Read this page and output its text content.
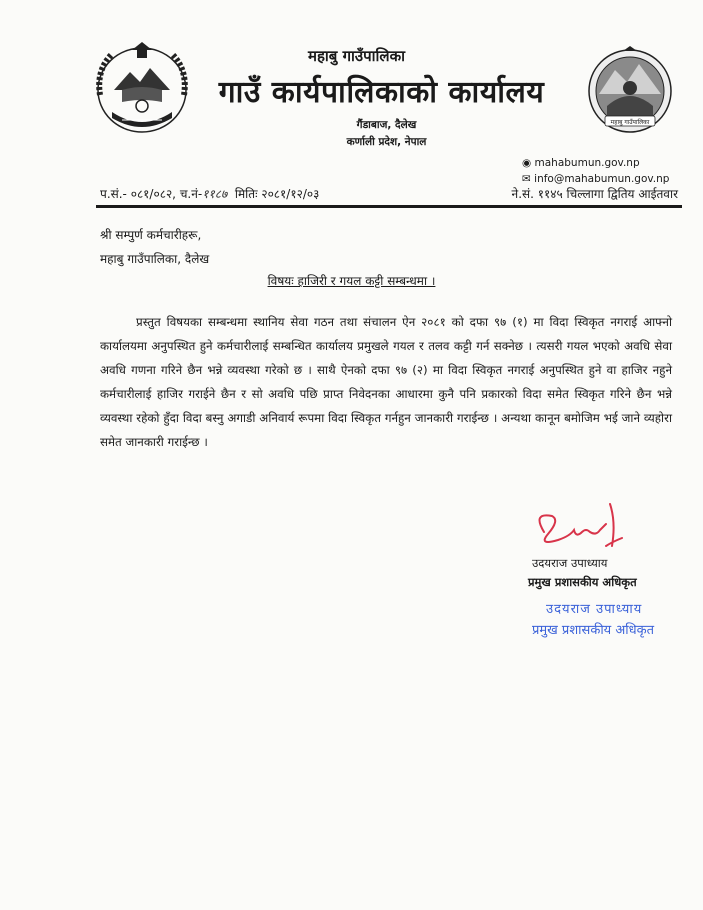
महाबु गाउँपालिका
महाबु गाउँपालिका
गाउँ कार्यपालिकाको कार्यालय
गैंडाबाज, दैलेख
कर्णाली प्रदेश, नेपाल
◉ mahabumun.gov.np
✉ info@mahabumun.gov.np
प.सं.- ०८१/०८२, च.नं-११८७ मितिः २०८१/१२/०३	ने.सं. ११४५ चिल्लागा द्वितिय आईतवार
श्री सम्पुर्ण कर्मचारीहरू,
महाबु गाउँपालिका, दैलेख
विषयः हाजिरी र गयल कट्टी सम्बन्धमा ।
प्रस्तुत विषयका सम्बन्धमा स्थानिय सेवा गठन तथा संचालन ऐन २०८१ को दफा ९७ (१) मा विदा स्विकृत नगराई आफ्नो कार्यालयमा अनुपस्थित हुने कर्मचारीलाई सम्बन्धित कार्यालय प्रमुखले गयल र तलव कट्टी गर्न सक्नेछ । त्यसरी गयल भएको अवधि सेवा अवधि गणना गरिने छैन भन्ने व्यवस्था गरेको छ । साथै ऐनको दफा ९७ (२) मा विदा स्विकृत नगराई अनुपस्थित हुने वा हाजिर नहुने कर्मचारीलाई हाजिर गराईने छैन र सो अवधि पछि प्राप्त निवेदनका आधारमा कुनै पनि प्रकारको विदा समेत स्विकृत गरिने छैन भन्ने व्यवस्था रहेको हुँदा विदा बस्नु अगाडी अनिवार्य रूपमा विदा स्विकृत गर्नहुन जानकारी गराईन्छ । अन्यथा कानून बमोजिम भई जाने व्यहोरा समेत जानकारी गराईन्छ ।
उदयराज उपाध्याय
प्रमुख प्रशासकीय अधिकृत
उदयराज उपाध्याय
प्रमुख प्रशासकीय अधिकृत
